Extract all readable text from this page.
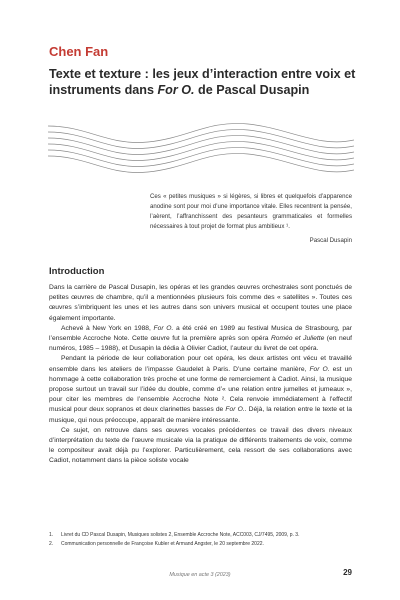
Chen Fan
Texte et texture : les jeux d’interaction entre voix et instruments dans For O. de Pascal Dusapin

Ces « petites musiques » si légères, si libres et quelquefois d’apparence anodine sont pour moi d’une importance vitale. Elles recentrent la pensée, l’aèrent, l’affranchissent des pesanteurs grammaticales et formelles nécessaires à tout projet de format plus ambitieux ¹.

Pascal Dusapin

Introduction

Dans la carrière de Pascal Dusapin, les opéras et les grandes œuvres orchestrales sont ponctués de petites œuvres de chambre, qu’il a mentionnées plusieurs fois comme des « satellites ». Toutes ces œuvres s’imbriquent les unes et les autres dans son univers musical et occupent toutes une place également importante.

Achevé à New York en 1988, For O. a été créé en 1989 au festival Musica de Strasbourg, par l’ensemble Accroche Note. Cette œuvre fut la première après son opéra Roméo et Juliette (en neuf numéros, 1985 – 1988), et Dusapin la dédia à Olivier Cadiot, l’auteur du livret de cet opéra.

Pendant la période de leur collaboration pour cet opéra, les deux artistes ont vécu et travaillé ensemble dans les ateliers de l’impasse Gaudelet à Paris. D’une certaine manière, For O. est un hommage à cette collaboration très proche et une forme de remerciement à Cadiot. Ainsi, la musique propose surtout un travail sur l’idée du double, comme d’« une relation entre jumelles et jumeaux », pour citer les membres de l’ensemble Accroche Note ². Cela renvoie immédiatement à l’effectif musical pour deux sopranos et deux clarinettes basses de For O.. Déjà, la relation entre le texte et la musique, qui nous préoccupe, apparaît de manière intéressante.

Ce sujet, on retrouve dans ses œuvres vocales précédentes ce travail des divers niveaux d’interprétation du texte de l’œuvre musicale via la pratique de différents traitements de voix, comme le compositeur avait déjà pu l’explorer. Particulièrement, cela ressort de ses collaborations avec Cadiot, notamment dans la pièce soliste vocale

1. Livret du CD Pascal Dusapin, Musiques solistes 2, Ensemble Accroche Note, ACC003, CJ/7495, 2009, p. 3.

2. Communication personnelle de Françoise Kubler et Armand Angster, le 20 septembre 2022.

Musique en acte 3 (2023)	29
